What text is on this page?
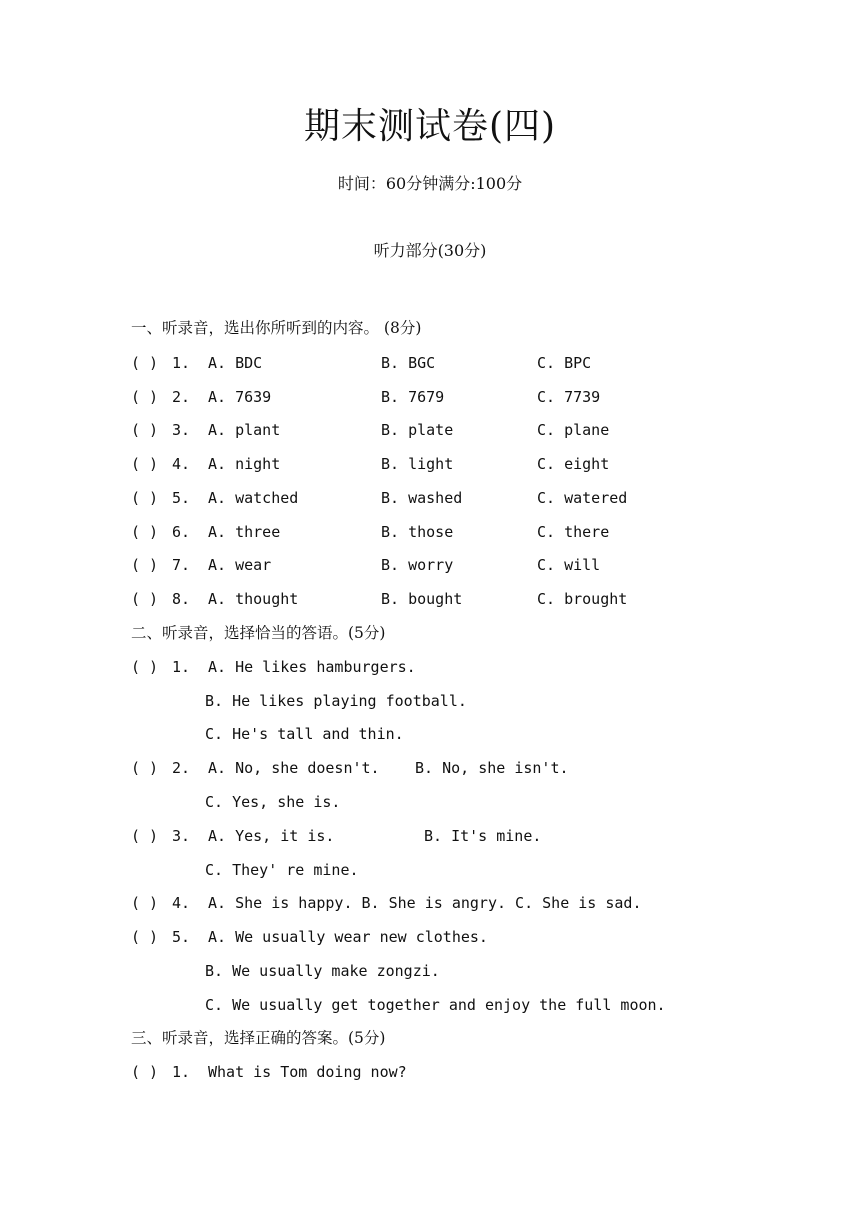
期末测试卷(四)
时间：60分钟满分:100分
听力部分(30分)
一、听录音，选出你所听到的内容。 (8分)
( ) 1. A. BDC	B. BGC	C. BPC
( ) 2. A. 7639	B. 7679	C. 7739
( ) 3. A. plant	B. plate	C. plane
( ) 4. A. night	B. light	C. eight
( ) 5. A. watched	B. washed	C. watered
( ) 6. A. three	B. those	C. there
( ) 7. A. wear	B. worry	C. will
( ) 8. A. thought	B. bought	C. brought
二、听录音，选择恰当的答语。(5分)
( ) 1. A. He likes hamburgers.
B. He likes playing football.
C. He's tall and thin.
( ) 2. A. No, she doesn't. B. No, she isn't.
C. Yes, she is.
( ) 3. A. Yes, it is.	B. It's mine.
C. They' re mine.
( ) 4. A. She is happy. B. She is angry. C. She is sad.
( ) 5. A. We usually wear new clothes.
B. We usually make zongzi.
C. We usually get together and enjoy the full moon.
三、听录音，选择正确的答案。(5分)
( ) 1. What is Tom doing now?
